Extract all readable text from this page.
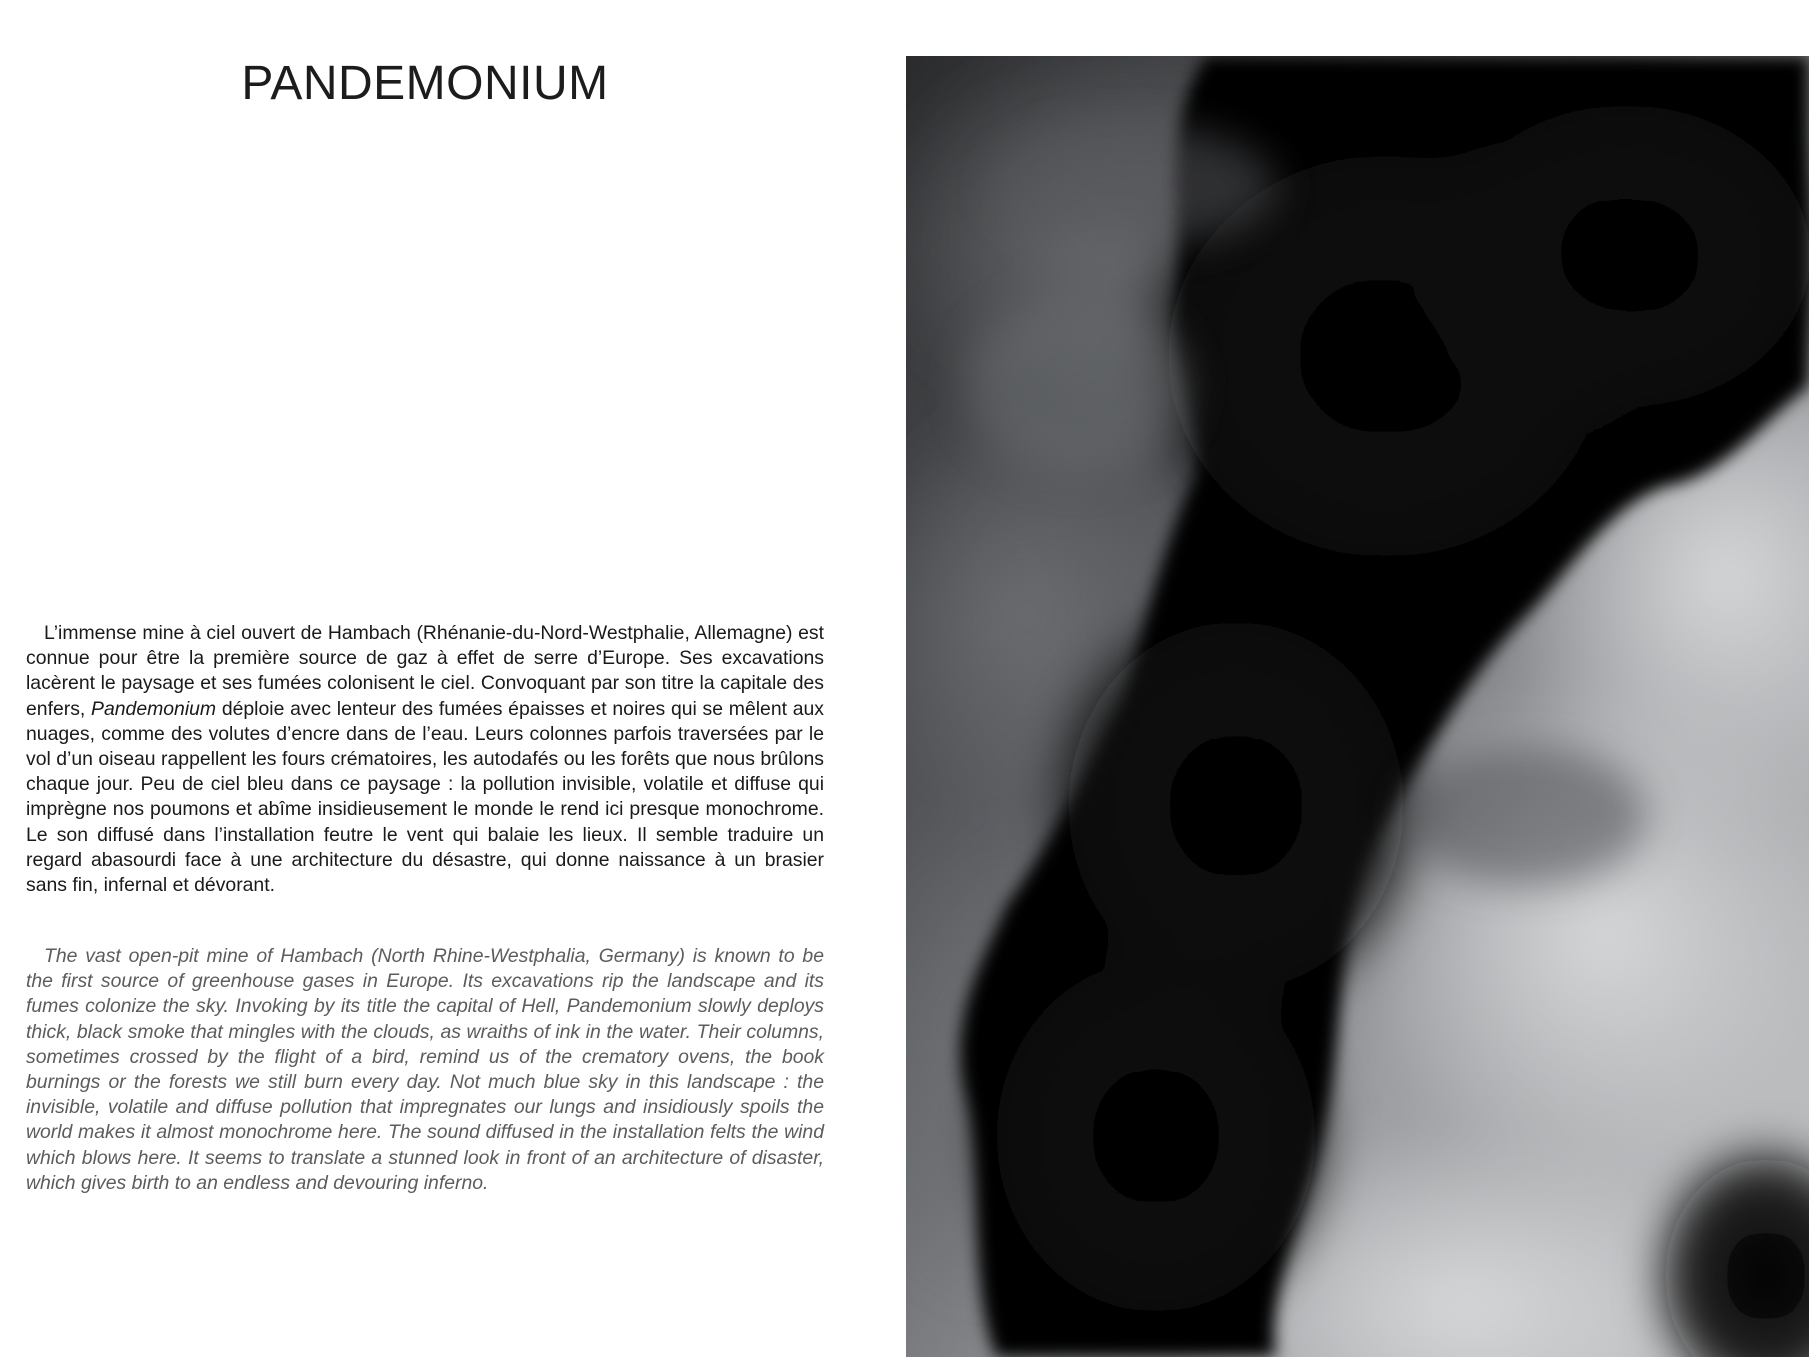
PANDEMONIUM

L’immense mine à ciel ouvert de Hambach (Rhénanie-du-Nord-Westphalie, Allemagne) est connue pour être la première source de gaz à effet de serre d’Europe. Ses excavations lacèrent le paysage et ses fumées colonisent le ciel. Convoquant par son titre la capitale des enfers, Pandemonium déploie avec lenteur des fumées épaisses et noires qui se mêlent aux nuages, comme des volutes d’encre dans de l’eau. Leurs colonnes parfois traversées par le vol d’un oiseau rappellent les fours crématoires, les autodafés ou les forêts que nous brûlons chaque jour. Peu de ciel bleu dans ce paysage : la pollution invisible, volatile et diffuse qui imprègne nos poumons et abîme insidieusement le monde le rend ici presque monochrome. Le son diffusé dans l’installation feutre le vent qui balaie les lieux. Il semble traduire un regard abasourdi face à une architecture du désastre, qui donne naissance à un brasier sans fin, infernal et dévorant.

The vast open-pit mine of Hambach (North Rhine-Westphalia, Germany) is known to be the first source of greenhouse gases in Europe. Its excavations rip the landscape and its fumes colonize the sky. Invoking by its title the capital of Hell, Pandemonium slowly deploys thick, black smoke that mingles with the clouds, as wraiths of ink in the water. Their columns, sometimes crossed by the flight of a bird, remind us of the crematory ovens, the book burnings or the forests we still burn every day. Not much blue sky in this landscape : the invisible, volatile and diffuse pollution that impregnates our lungs and insidiously spoils the world makes it almost monochrome here. The sound diffused in the installation felts the wind which blows here. It seems to translate a stunned look in front of an architecture of disaster, which gives birth to an endless and devouring inferno.
